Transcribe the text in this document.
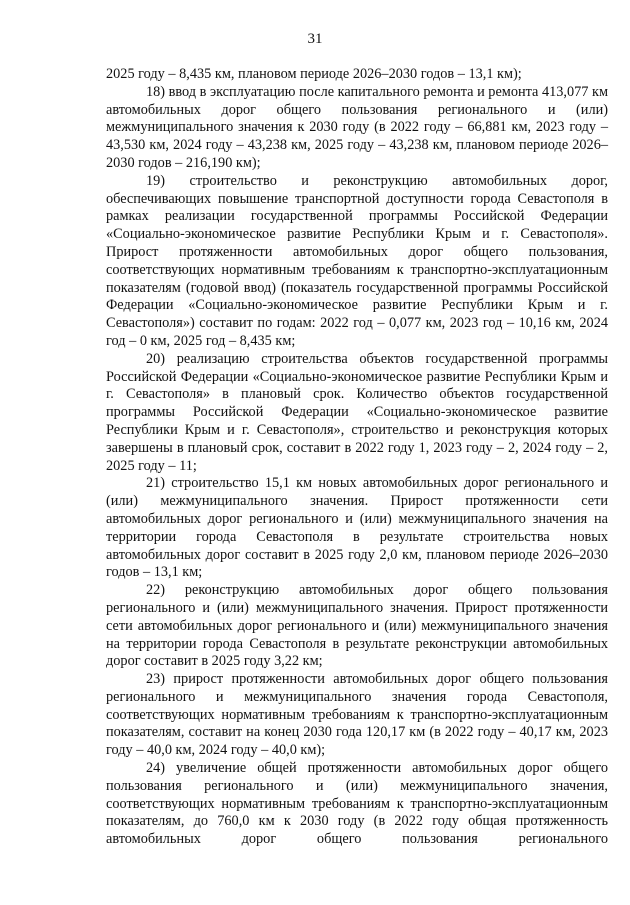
31

2025 году – 8,435 км, плановом периоде 2026–2030 годов – 13,1 км);

18) ввод в эксплуатацию после капитального ремонта и ремонта 413,077 км автомобильных дорог общего пользования регионального и (или) межмуниципального значения к 2030 году (в 2022 году – 66,881 км, 2023 году – 43,530 км, 2024 году – 43,238 км, 2025 году – 43,238 км, плановом периоде 2026–2030 годов – 216,190 км);

19) строительство и реконструкцию автомобильных дорог, обеспечивающих повышение транспортной доступности города Севастополя в рамках реализации государственной программы Российской Федерации «Социально-экономическое развитие Республики Крым и г. Севастополя». Прирост протяженности автомобильных дорог общего пользования, соответствующих нормативным требованиям к транспортно-эксплуатационным показателям (годовой ввод) (показатель государственной программы Российской Федерации «Социально-экономическое развитие Республики Крым и г. Севастополя») составит по годам: 2022 год – 0,077 км, 2023 год – 10,16 км, 2024 год – 0 км, 2025 год – 8,435 км;

20) реализацию строительства объектов государственной программы Российской Федерации «Социально-экономическое развитие Республики Крым и г. Севастополя» в плановый срок. Количество объектов государственной программы Российской Федерации «Социально-экономическое развитие Республики Крым и г. Севастополя», строительство и реконструкция которых завершены в плановый срок, составит в 2022 году 1, 2023 году – 2, 2024 году – 2, 2025 году – 11;

21) строительство 15,1 км новых автомобильных дорог регионального и (или) межмуниципального значения. Прирост протяженности сети автомобильных дорог регионального и (или) межмуниципального значения на территории города Севастополя в результате строительства новых автомобильных дорог составит в 2025 году 2,0 км, плановом периоде 2026–2030 годов – 13,1 км;

22) реконструкцию автомобильных дорог общего пользования регионального и (или) межмуниципального значения. Прирост протяженности сети автомобильных дорог регионального и (или) межмуниципального значения на территории города Севастополя в результате реконструкции автомобильных дорог составит в 2025 году 3,22 км;

23) прирост протяженности автомобильных дорог общего пользования регионального и межмуниципального значения города Севастополя, соответствующих нормативным требованиям к транспортно-эксплуатационным показателям, составит на конец 2030 года 120,17 км (в 2022 году – 40,17 км, 2023 году – 40,0 км, 2024 году – 40,0 км);

24) увеличение общей протяженности автомобильных дорог общего пользования регионального и (или) межмуниципального значения, соответствующих нормативным требованиям к транспортно-эксплуатационным показателям, до 760,0 км к 2030 году (в 2022 году общая протяженность автомобильных дорог общего пользования регионального
